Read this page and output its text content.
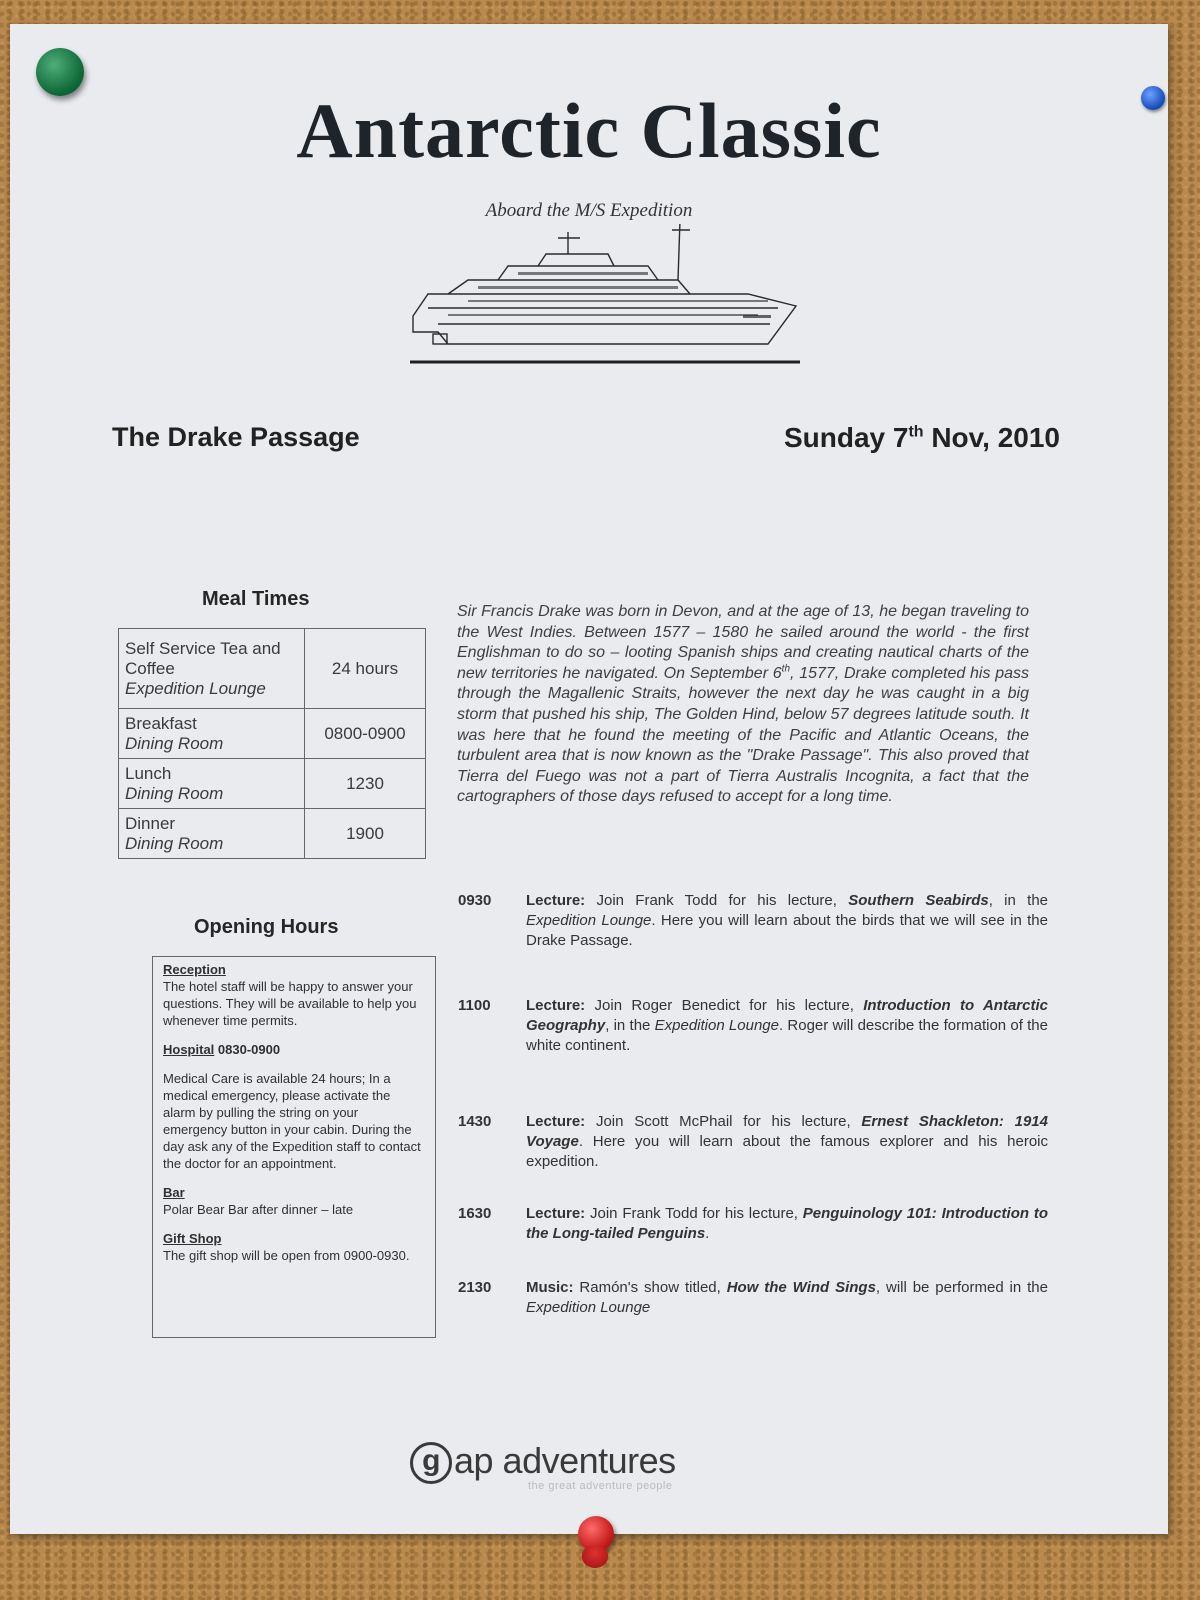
Antarctic Classic
Aboard the M/S Expedition
The Drake Passage	Sunday 7th Nov, 2010
Meal Times
Self Service Tea and Coffee
Expedition Lounge	24 hours

Breakfast
Dining Room	0800-0900

Lunch
Dining Room	1230

Dinner
Dining Room	1900
Opening Hours
Reception
The hotel staff will be happy to answer your questions. They will be available to help you whenever time permits.
Hospital 0830-0900
Medical Care is available 24 hours; In a medical emergency, please activate the alarm by pulling the string on your emergency button in your cabin. During the day ask any of the Expedition staff to contact the doctor for an appointment.
Bar
Polar Bear Bar after dinner – late
Gift Shop
The gift shop will be open from 0900-0930.
Sir Francis Drake was born in Devon, and at the age of 13, he began traveling to the West Indies. Between 1577 – 1580 he sailed around the world - the first Englishman to do so – looting Spanish ships and creating nautical charts of the new territories he navigated. On September 6th, 1577, Drake completed his pass through the Magallenic Straits, however the next day he was caught in a big storm that pushed his ship, The Golden Hind, below 57 degrees latitude south. It was here that he found the meeting of the Pacific and Atlantic Oceans, the turbulent area that is now known as the "Drake Passage". This also proved that Tierra del Fuego was not a part of Tierra Australis Incognita, a fact that the cartographers of those days refused to accept for a long time.
0930	Lecture: Join Frank Todd for his lecture, Southern Seabirds, in the Expedition Lounge. Here you will learn about the birds that we will see in the Drake Passage.
1100	Lecture: Join Roger Benedict for his lecture, Introduction to Antarctic Geography, in the Expedition Lounge. Roger will describe the formation of the white continent.
1430	Lecture: Join Scott McPhail for his lecture, Ernest Shackleton: 1914 Voyage. Here you will learn about the famous explorer and his heroic expedition.
1630	Lecture: Join Frank Todd for his lecture, Penguinology 101: Introduction to the Long-tailed Penguins.
2130	Music: Ramón's show titled, How the Wind Sings, will be performed in the Expedition Lounge
g ap adventures
the great adventure people
